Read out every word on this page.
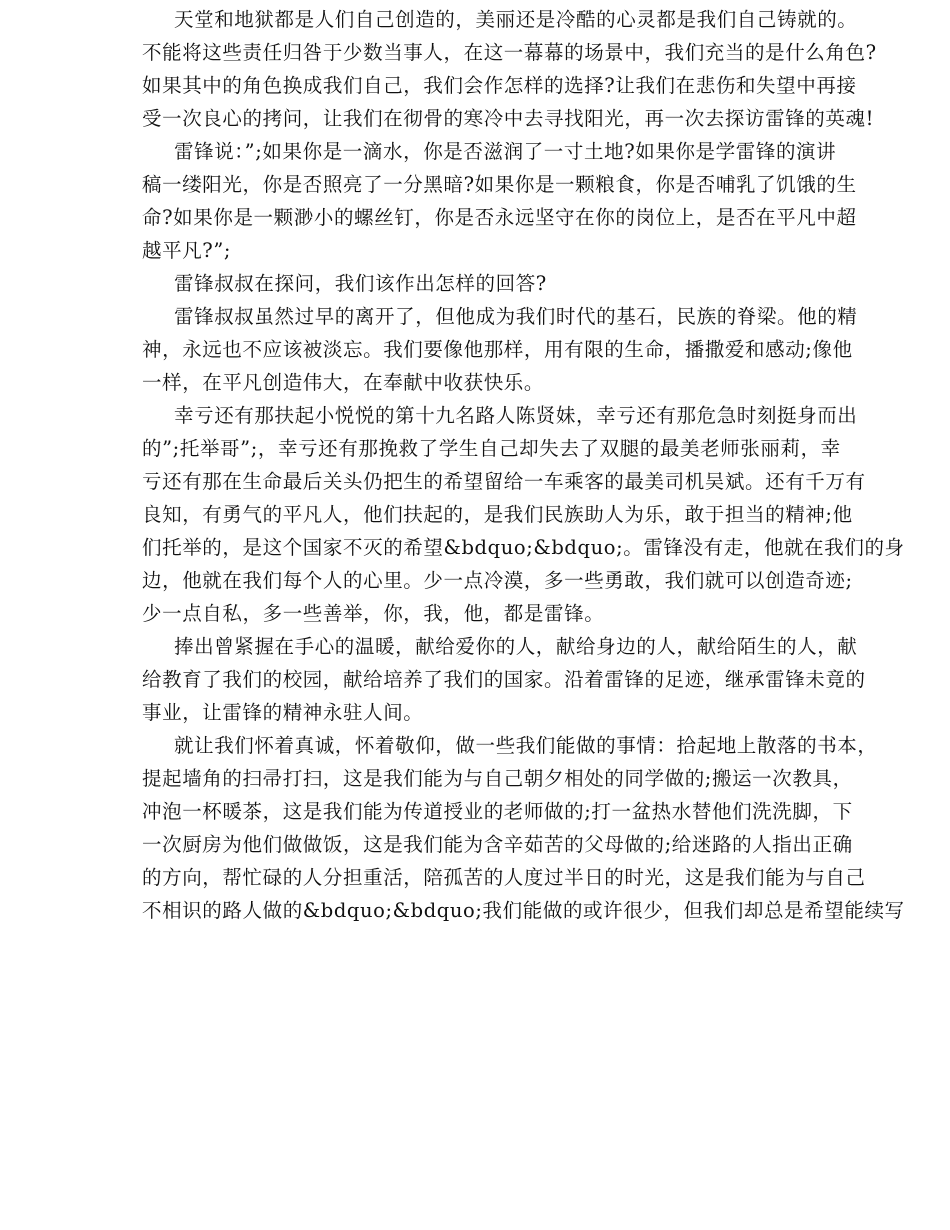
天堂和地狱都是人们自己创造的，美丽还是冷酷的心灵都是我们自己铸就的。
不能将这些责任归咎于少数当事人，在这一幕幕的场景中，我们充当的是什么角色?
如果其中的角色换成我们自己，我们会作怎样的选择?让我们在悲伤和失望中再接
受一次良心的拷问，让我们在彻骨的寒冷中去寻找阳光，再一次去探访雷锋的英魂!
雷锋说：”;如果你是一滴水，你是否滋润了一寸土地?如果你是学雷锋的演讲
稿一缕阳光，你是否照亮了一分黑暗?如果你是一颗粮食，你是否哺乳了饥饿的生
命?如果你是一颗渺小的螺丝钉，你是否永远坚守在你的岗位上，是否在平凡中超
越平凡?”;
雷锋叔叔在探问，我们该作出怎样的回答?
雷锋叔叔虽然过早的离开了，但他成为我们时代的基石，民族的脊梁。他的精
神，永远也不应该被淡忘。我们要像他那样，用有限的生命，播撒爱和感动;像他
一样，在平凡创造伟大，在奉献中收获快乐。
幸亏还有那扶起小悦悦的第十九名路人陈贤妹，幸亏还有那危急时刻挺身而出
的”;托举哥”;，幸亏还有那挽救了学生自己却失去了双腿的最美老师张丽莉，幸
亏还有那在生命最后关头仍把生的希望留给一车乘客的最美司机吴斌。还有千万有
良知，有勇气的平凡人，他们扶起的，是我们民族助人为乐，敢于担当的精神;他
们托举的，是这个国家不灭的希望&bdquo;&bdquo;。雷锋没有走，他就在我们的身
边，他就在我们每个人的心里。少一点冷漠，多一些勇敢，我们就可以创造奇迹;
少一点自私，多一些善举，你，我，他，都是雷锋。
捧出曾紧握在手心的温暖，献给爱你的人，献给身边的人，献给陌生的人，献
给教育了我们的校园，献给培养了我们的国家。沿着雷锋的足迹，继承雷锋未竟的
事业，让雷锋的精神永驻人间。
就让我们怀着真诚，怀着敬仰，做一些我们能做的事情：拾起地上散落的书本，
提起墙角的扫帚打扫，这是我们能为与自己朝夕相处的同学做的;搬运一次教具，
冲泡一杯暖茶，这是我们能为传道授业的老师做的;打一盆热水替他们洗洗脚，下
一次厨房为他们做做饭，这是我们能为含辛茹苦的父母做的;给迷路的人指出正确
的方向，帮忙碌的人分担重活，陪孤苦的人度过半日的时光，这是我们能为与自己
不相识的路人做的&bdquo;&bdquo;我们能做的或许很少，但我们却总是希望能续写
